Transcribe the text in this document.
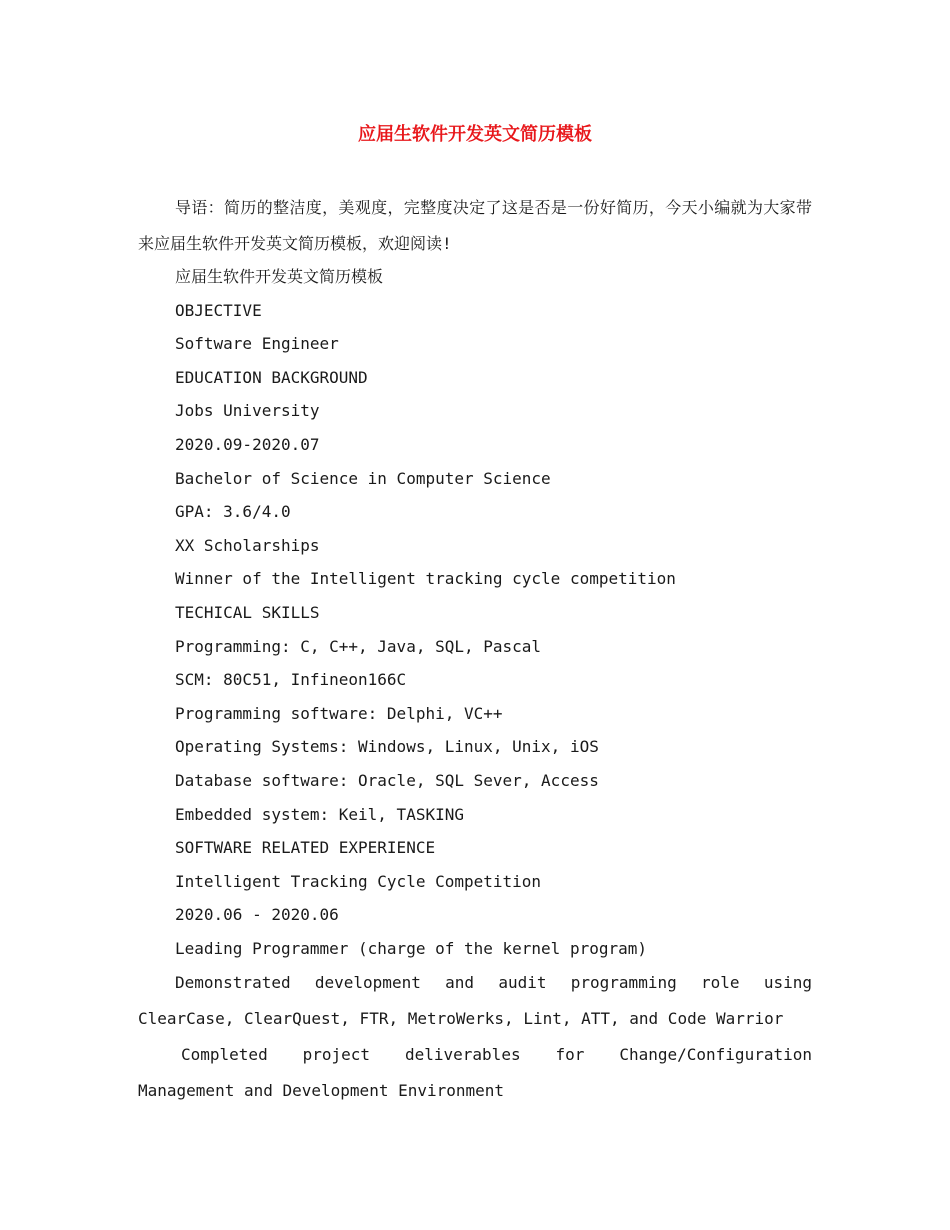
应届生软件开发英文简历模板

导语：简历的整洁度，美观度，完整度决定了这是否是一份好简历，今天小编就为大家带来应届生软件开发英文简历模板，欢迎阅读!

应届生软件开发英文简历模板

OBJECTIVE

Software Engineer

EDUCATION BACKGROUND

Jobs University

2020.09-2020.07

Bachelor of Science in Computer Science

GPA: 3.6/4.0

XX Scholarships

Winner of the Intelligent tracking cycle competition

TECHICAL SKILLS

Programming: C, C++, Java, SQL, Pascal

SCM: 80C51, Infineon166C

Programming software: Delphi, VC++

Operating Systems: Windows, Linux, Unix, iOS

Database software: Oracle, SQL Sever, Access

Embedded system: Keil, TASKING

SOFTWARE RELATED EXPERIENCE

Intelligent Tracking Cycle Competition

2020.06 - 2020.06

Leading Programmer (charge of the kernel program)

Demonstrated development and audit programming role using ClearCase, ClearQuest, FTR, MetroWerks, Lint, ATT, and Code Warrior

Completed project deliverables for Change/Configuration Management and Development Environment
